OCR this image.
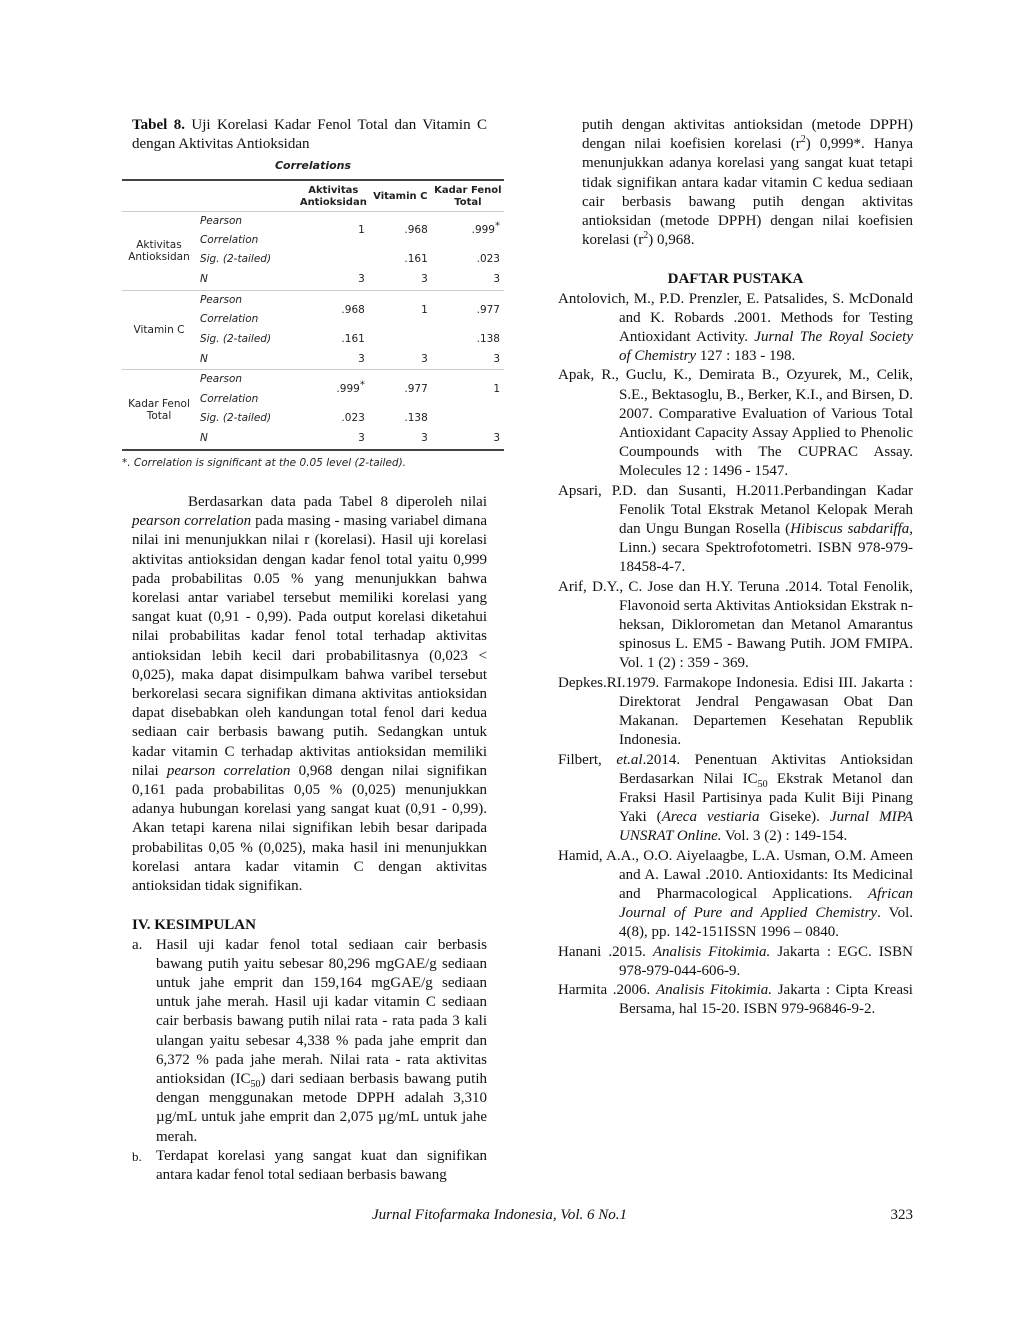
Tabel 8. Uji Korelasi Kadar Fenol Total dan Vitamin C dengan Aktivitas Antioksidan

Correlations

		Aktivitas Antioksidan	Vitamin C	Kadar Fenol Total
Aktivitas Antioksidan	Pearson Correlation	1	.968	.999*
	Sig. (2-tailed)		.161	.023
	N	3	3	3
Vitamin C	Pearson Correlation	.968	1	.977
	Sig. (2-tailed)	.161		.138
	N	3	3	3
Kadar Fenol Total	Pearson Correlation	.999*	.977	1
	Sig. (2-tailed)	.023	.138	
	N	3	3	3

*. Correlation is significant at the 0.05 level (2-tailed).

Berdasarkan data pada Tabel 8 diperoleh nilai pearson correlation pada masing - masing variabel dimana nilai ini menunjukkan nilai r (korelasi). Hasil uji korelasi aktivitas antioksidan dengan kadar fenol total yaitu 0,999 pada probabilitas 0.05 % yang menunjukkan bahwa korelasi antar variabel tersebut memiliki korelasi yang sangat kuat (0,91 - 0,99). Pada output korelasi diketahui nilai probabilitas kadar fenol total terhadap aktivitas antioksidan lebih kecil dari probabilitasnya (0,023 < 0,025), maka dapat disimpulkam bahwa varibel tersebut berkorelasi secara signifikan dimana aktivitas antioksidan dapat disebabkan oleh kandungan total fenol dari kedua sediaan cair berbasis bawang putih. Sedangkan untuk kadar vitamin C terhadap aktivitas antioksidan memiliki nilai pearson correlation 0,968 dengan nilai signifikan 0,161 pada probabilitas 0,05 % (0,025) menunjukkan adanya hubungan korelasi yang sangat kuat (0,91 - 0,99). Akan tetapi karena nilai signifikan lebih besar daripada probabilitas 0,05 % (0,025), maka hasil ini menunjukkan korelasi antara kadar vitamin C dengan aktivitas antioksidan tidak signifikan.

IV. KESIMPULAN

a. Hasil uji kadar fenol total sediaan cair berbasis bawang putih yaitu sebesar 80,296 mgGAE/g sediaan untuk jahe emprit dan 159,164 mgGAE/g sediaan untuk jahe merah. Hasil uji kadar vitamin C sediaan cair berbasis bawang putih nilai rata - rata pada 3 kali ulangan yaitu sebesar 4,338 % pada jahe emprit dan 6,372 % pada jahe merah. Nilai rata - rata aktivitas antioksidan $(IC_{50})$ dari sediaan berbasis bawang putih dengan menggunakan metode DPPH adalah 3,310 µg/mL untuk jahe emprit dan 2,075 µg/mL untuk jahe merah.
b. Terdapat korelasi yang sangat kuat dan signifikan antara kadar fenol total sediaan berbasis bawang

putih dengan aktivitas antioksidan (metode DPPH) dengan nilai koefisien korelasi $(r^2)$ 0,999*. Hanya menunjukkan adanya korelasi yang sangat kuat tetapi tidak signifikan antara kadar vitamin C kedua sediaan cair berbasis bawang putih dengan aktivitas antioksidan (metode DPPH) dengan nilai koefisien korelasi $(r^2)$ 0,968.

DAFTAR PUSTAKA

Antolovich, M., P.D. Prenzler, E. Patsalides, S. McDonald and K. Robards .2001. Methods for Testing Antioxidant Activity. Jurnal The Royal Society of Chemistry 127 : 183 - 198.

Apak, R., Guclu, K., Demirata B., Ozyurek, M., Celik, S.E., Bektasoglu, B., Berker, K.I., and Birsen, D. 2007. Comparative Evaluation of Various Total Antioxidant Capacity Assay Applied to Phenolic Coumpounds with The CUPRAC Assay. Molecules 12 : 1496 - 1547.

Apsari, P.D. dan Susanti, H.2011.Perbandingan Kadar Fenolik Total Ekstrak Metanol Kelopak Merah dan Ungu Bungan Rosella (Hibiscus sabdariffa, Linn.) secara Spektrofotometri. ISBN 978-979-18458-4-7.

Arif, D.Y., C. Jose dan H.Y. Teruna .2014. Total Fenolik, Flavonoid serta Aktivitas Antioksidan Ekstrak n-heksan, Diklorometan dan Metanol Amarantus spinosus L. EM5 - Bawang Putih. JOM FMIPA. Vol. 1 (2) : 359 - 369.

Depkes.RI.1979. Farmakope Indonesia. Edisi III. Jakarta : Direktorat Jendral Pengawasan Obat Dan Makanan. Departemen Kesehatan Republik Indonesia.

Filbert, et.al.2014. Penentuan Aktivitas Antioksidan Berdasarkan Nilai $IC_{50}$ Ekstrak Metanol dan Fraksi Hasil Partisinya pada Kulit Biji Pinang Yaki (Areca vestiaria Giseke). Jurnal MIPA UNSRAT Online. Vol. 3 (2) : 149-154.

Hamid, A.A., O.O. Aiyelaagbe, L.A. Usman, O.M. Ameen and A. Lawal .2010. Antioxidants: Its Medicinal and Pharmacological Applications. African Journal of Pure and Applied Chemistry. Vol. 4(8), pp. 142-151ISSN 1996 – 0840.

Hanani .2015. Analisis Fitokimia. Jakarta : EGC. ISBN 978-979-044-606-9.

Harmita .2006. Analisis Fitokimia. Jakarta : Cipta Kreasi Bersama, hal 15-20. ISBN 979-96846-9-2.

Jurnal Fitofarmaka Indonesia, Vol. 6 No.1	323
